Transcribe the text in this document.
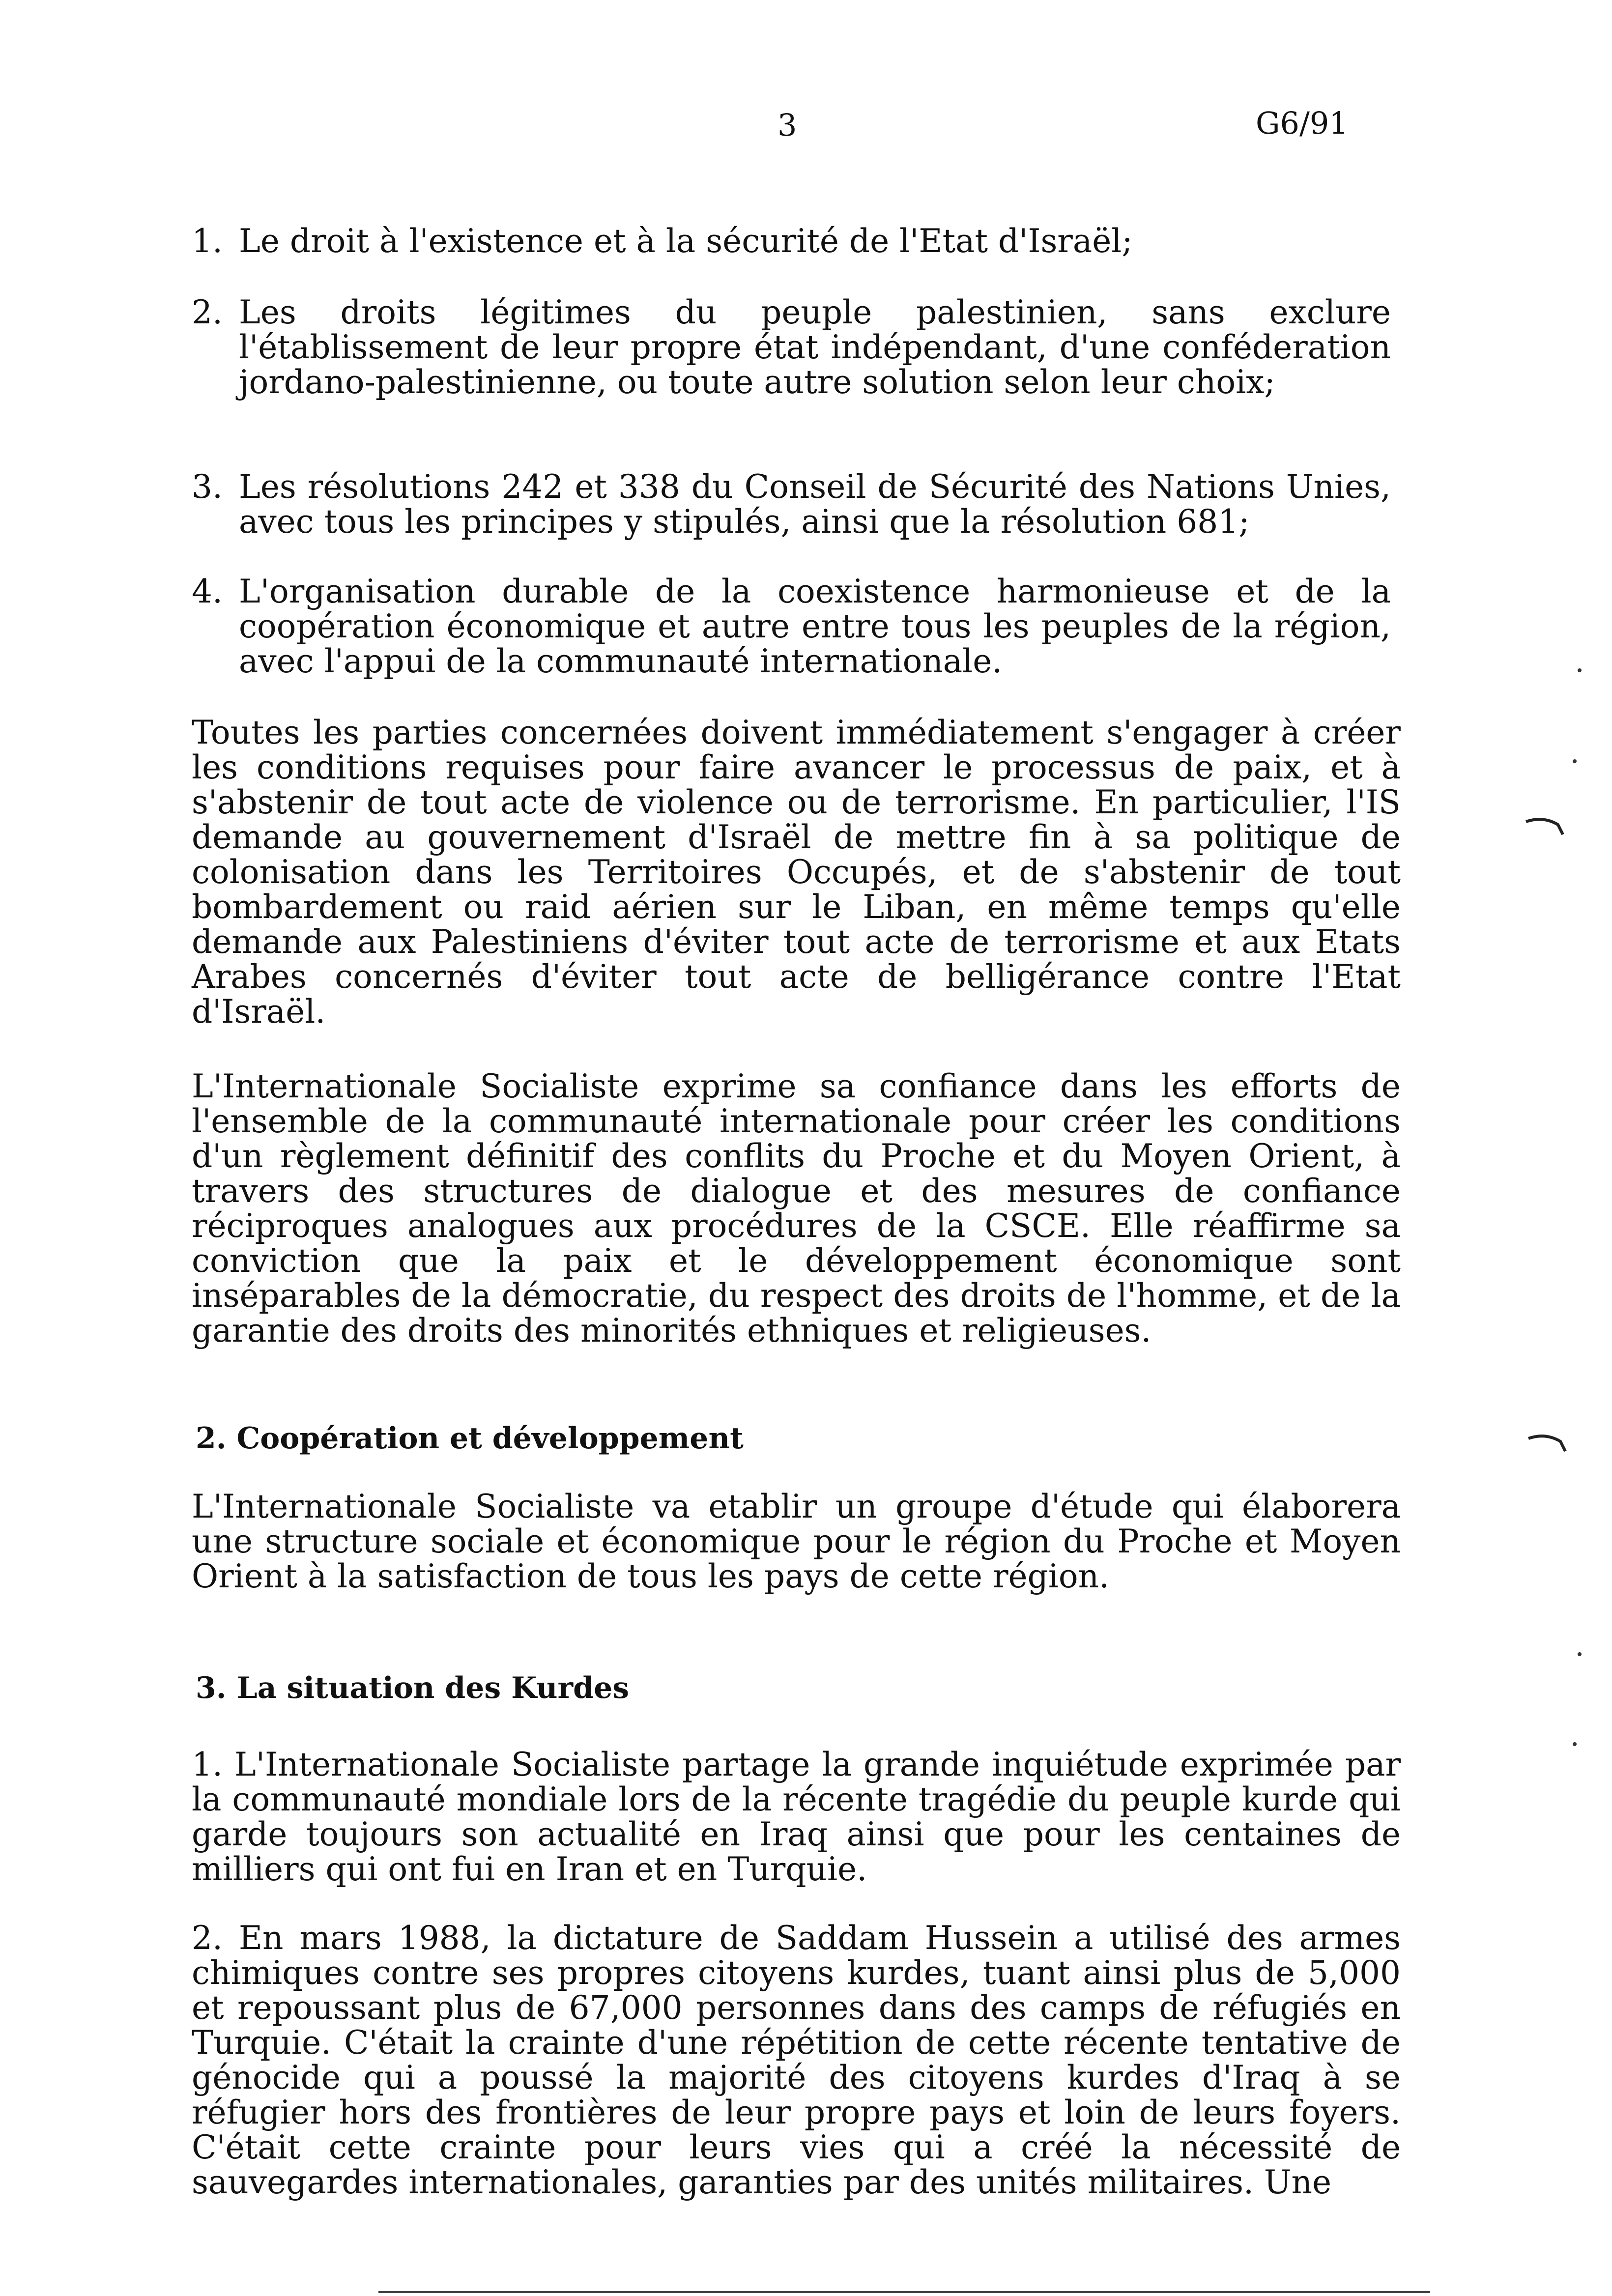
3	G6/91
1. Le droit à l'existence et à la sécurité de l'Etat d'Israël;
2. Les droits légitimes du peuple palestinien, sans exclure l'établissement de leur propre état indépendant, d'une conféderation jordano-palestinienne, ou toute autre solution selon leur choix;
3. Les résolutions 242 et 338 du Conseil de Sécurité des Nations Unies, avec tous les principes y stipulés, ainsi que la résolution 681;
4. L'organisation durable de la coexistence harmonieuse et de la coopération économique et autre entre tous les peuples de la région, avec l'appui de la communauté internationale.

Toutes les parties concernées doivent immédiatement s'engager à créer les conditions requises pour faire avancer le processus de paix, et à s'abstenir de tout acte de violence ou de terrorisme. En particulier, l'IS demande au gouvernement d'Israël de mettre fin à sa politique de colonisation dans les Territoires Occupés, et de s'abstenir de tout bombardement ou raid aérien sur le Liban, en même temps qu'elle demande aux Palestiniens d'éviter tout acte de terrorisme et aux Etats Arabes concernés d'éviter tout acte de belligérance contre l'Etat d'Israël.

L'Internationale Socialiste exprime sa confiance dans les efforts de l'ensemble de la communauté internationale pour créer les conditions d'un règlement définitif des conflits du Proche et du Moyen Orient, à travers des structures de dialogue et des mesures de confiance réciproques analogues aux procédures de la CSCE. Elle réaffirme sa conviction que la paix et le développement économique sont inséparables de la démocratie, du respect des droits de l'homme, et de la garantie des droits des minorités ethniques et religieuses.

2. Coopération et développement

L'Internationale Socialiste va etablir un groupe d'étude qui élaborera une structure sociale et économique pour le région du Proche et Moyen Orient à la satisfaction de tous les pays de cette région.

3. La situation des Kurdes

1. L'Internationale Socialiste partage la grande inquiétude exprimée par la communauté mondiale lors de la récente tragédie du peuple kurde qui garde toujours son actualité en Iraq ainsi que pour les centaines de milliers qui ont fui en Iran et en Turquie.

2. En mars 1988, la dictature de Saddam Hussein a utilisé des armes chimiques contre ses propres citoyens kurdes, tuant ainsi plus de 5,000 et repoussant plus de 67,000 personnes dans des camps de réfugiés en Turquie. C'était la crainte d'une répétition de cette récente tentative de génocide qui a poussé la majorité des citoyens kurdes d'Iraq à se réfugier hors des frontières de leur propre pays et loin de leurs foyers. C'était cette crainte pour leurs vies qui a créé la nécessité de sauvegardes internationales, garanties par des unités militaires. Une
